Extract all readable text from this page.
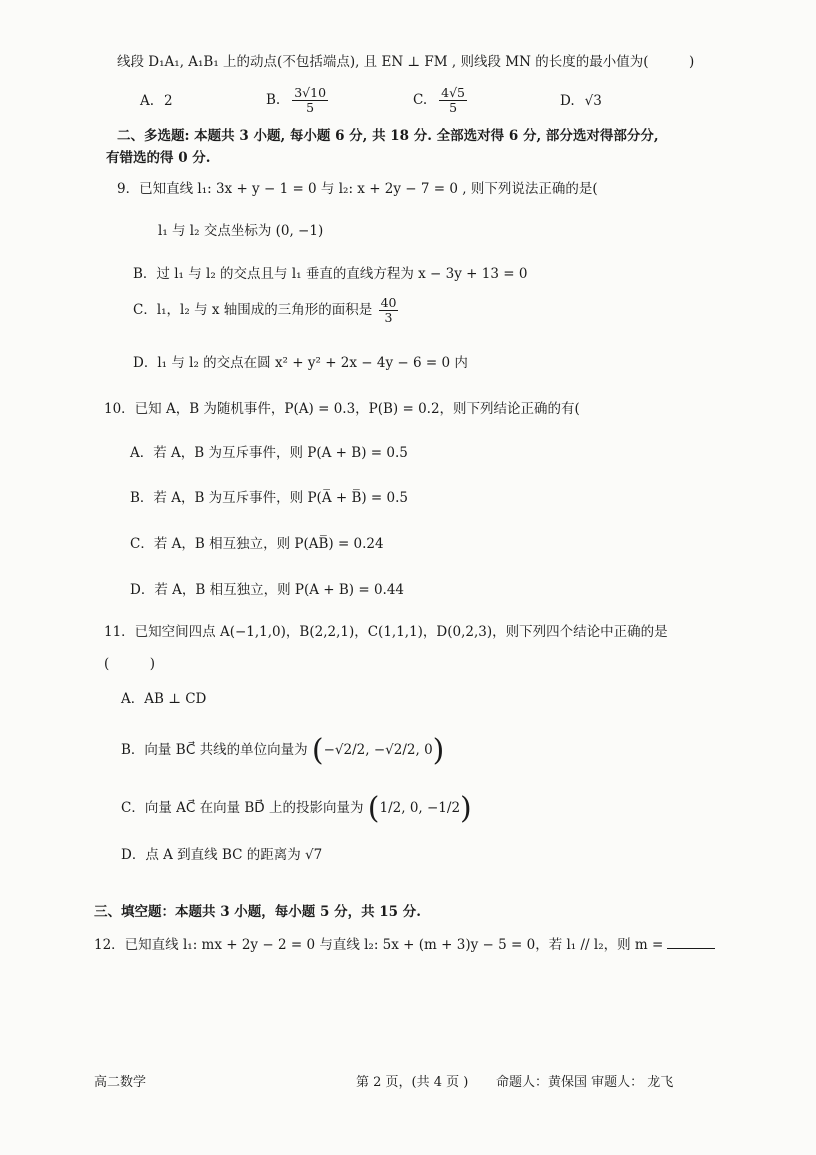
线段 D₁A₁, A₁B₁ 上的动点(不包括端点), 且 EN ⊥ FM , 则线段 MN 的长度的最小值为(　　　)
A. 2	B. $\frac{3√10}{5}$	C. $\frac{4√5}{5}$	D. √3
二、多选题: 本题共 3 小题, 每小题 6 分, 共 18 分. 全部选对得 6 分, 部分选对得部分分,
有错选的得 0 分.
9．已知直线 l₁: 3x + y − 1 = 0 与 l₂: x + 2y − 7 = 0 , 则下列说法正确的是(
l₁ 与 l₂ 交点坐标为 (0, −1)
B．过 l₁ 与 l₂ 的交点且与 l₁ 垂直的直线方程为 x − 3y + 13 = 0
C．l₁，l₂ 与 x 轴围成的三角形的面积是 $\frac{40}{3}$
D．l₁ 与 l₂ 的交点在圆 x² + y² + 2x − 4y − 6 = 0 内
10．已知 A，B 为随机事件，P(A) = 0.3，P(B) = 0.2，则下列结论正确的有(
A．若 A，B 为互斥事件，则 P(A + B) = 0.5
B．若 A，B 为互斥事件，则 P(A̅ + B̅) = 0.5
C．若 A，B 相互独立，则 P(AB̅) = 0.24
D．若 A，B 相互独立，则 P(A + B) = 0.44
11．已知空间四点 A(−1,1,0)，B(2,2,1)，C(1,1,1)，D(0,2,3)，则下列四个结论中正确的是
(　　　)
A．AB ⊥ CD
B．向量 BC⃗ 共线的单位向量为 (−√2/2, −√2/2, 0)
C．向量 AC⃗ 在向量 BD⃗ 上的投影向量为 (1/2, 0, −1/2)
D．点 A 到直线 BC 的距离为 √7
三、填空题：本题共 3 小题，每小题 5 分，共 15 分.
12．已知直线 l₁: mx + 2y − 2 = 0 与直线 l₂: 5x + (m + 3)y − 5 = 0，若 l₁ // l₂，则 m =
高二数学	第 2 页，(共 4 页 ) 命题人：黄保国 审题人： 龙飞
